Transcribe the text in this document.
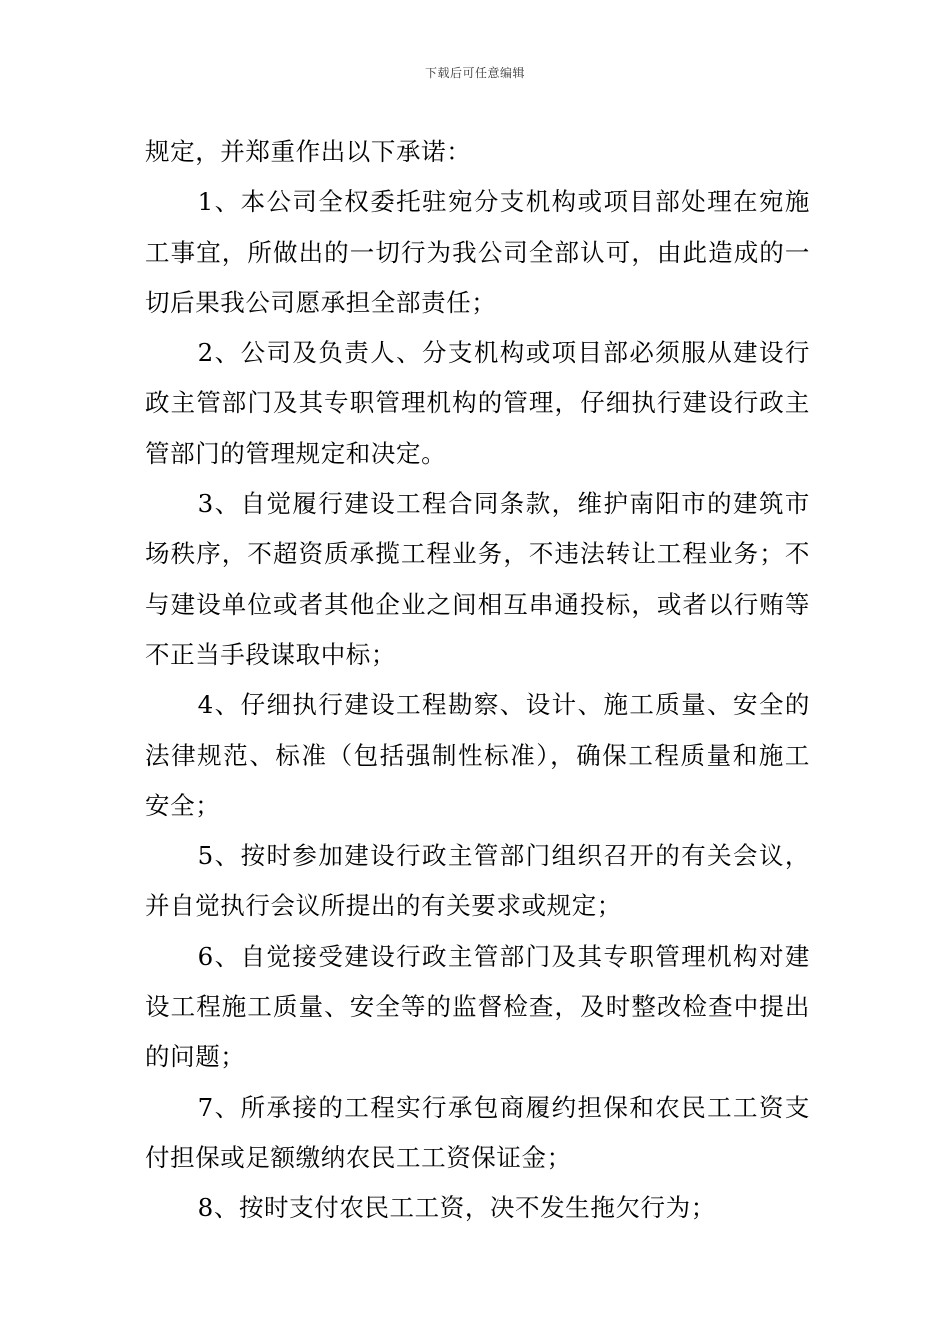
下载后可任意编辑

规定，并郑重作出以下承诺：

1、本公司全权委托驻宛分支机构或项目部处理在宛施工事宜，所做出的一切行为我公司全部认可，由此造成的一切后果我公司愿承担全部责任；

2、公司及负责人、分支机构或项目部必须服从建设行政主管部门及其专职管理机构的管理，仔细执行建设行政主管部门的管理规定和决定。

3、自觉履行建设工程合同条款，维护南阳市的建筑市场秩序，不超资质承揽工程业务，不违法转让工程业务；不与建设单位或者其他企业之间相互串通投标，或者以行贿等不正当手段谋取中标；

4、仔细执行建设工程勘察、设计、施工质量、安全的法律规范、标准（包括强制性标准），确保工程质量和施工安全；

5、按时参加建设行政主管部门组织召开的有关会议，并自觉执行会议所提出的有关要求或规定；

6、自觉接受建设行政主管部门及其专职管理机构对建设工程施工质量、安全等的监督检查，及时整改检查中提出的问题；

7、所承接的工程实行承包商履约担保和农民工工资支付担保或足额缴纳农民工工资保证金；

8、按时支付农民工工资，决不发生拖欠行为；
